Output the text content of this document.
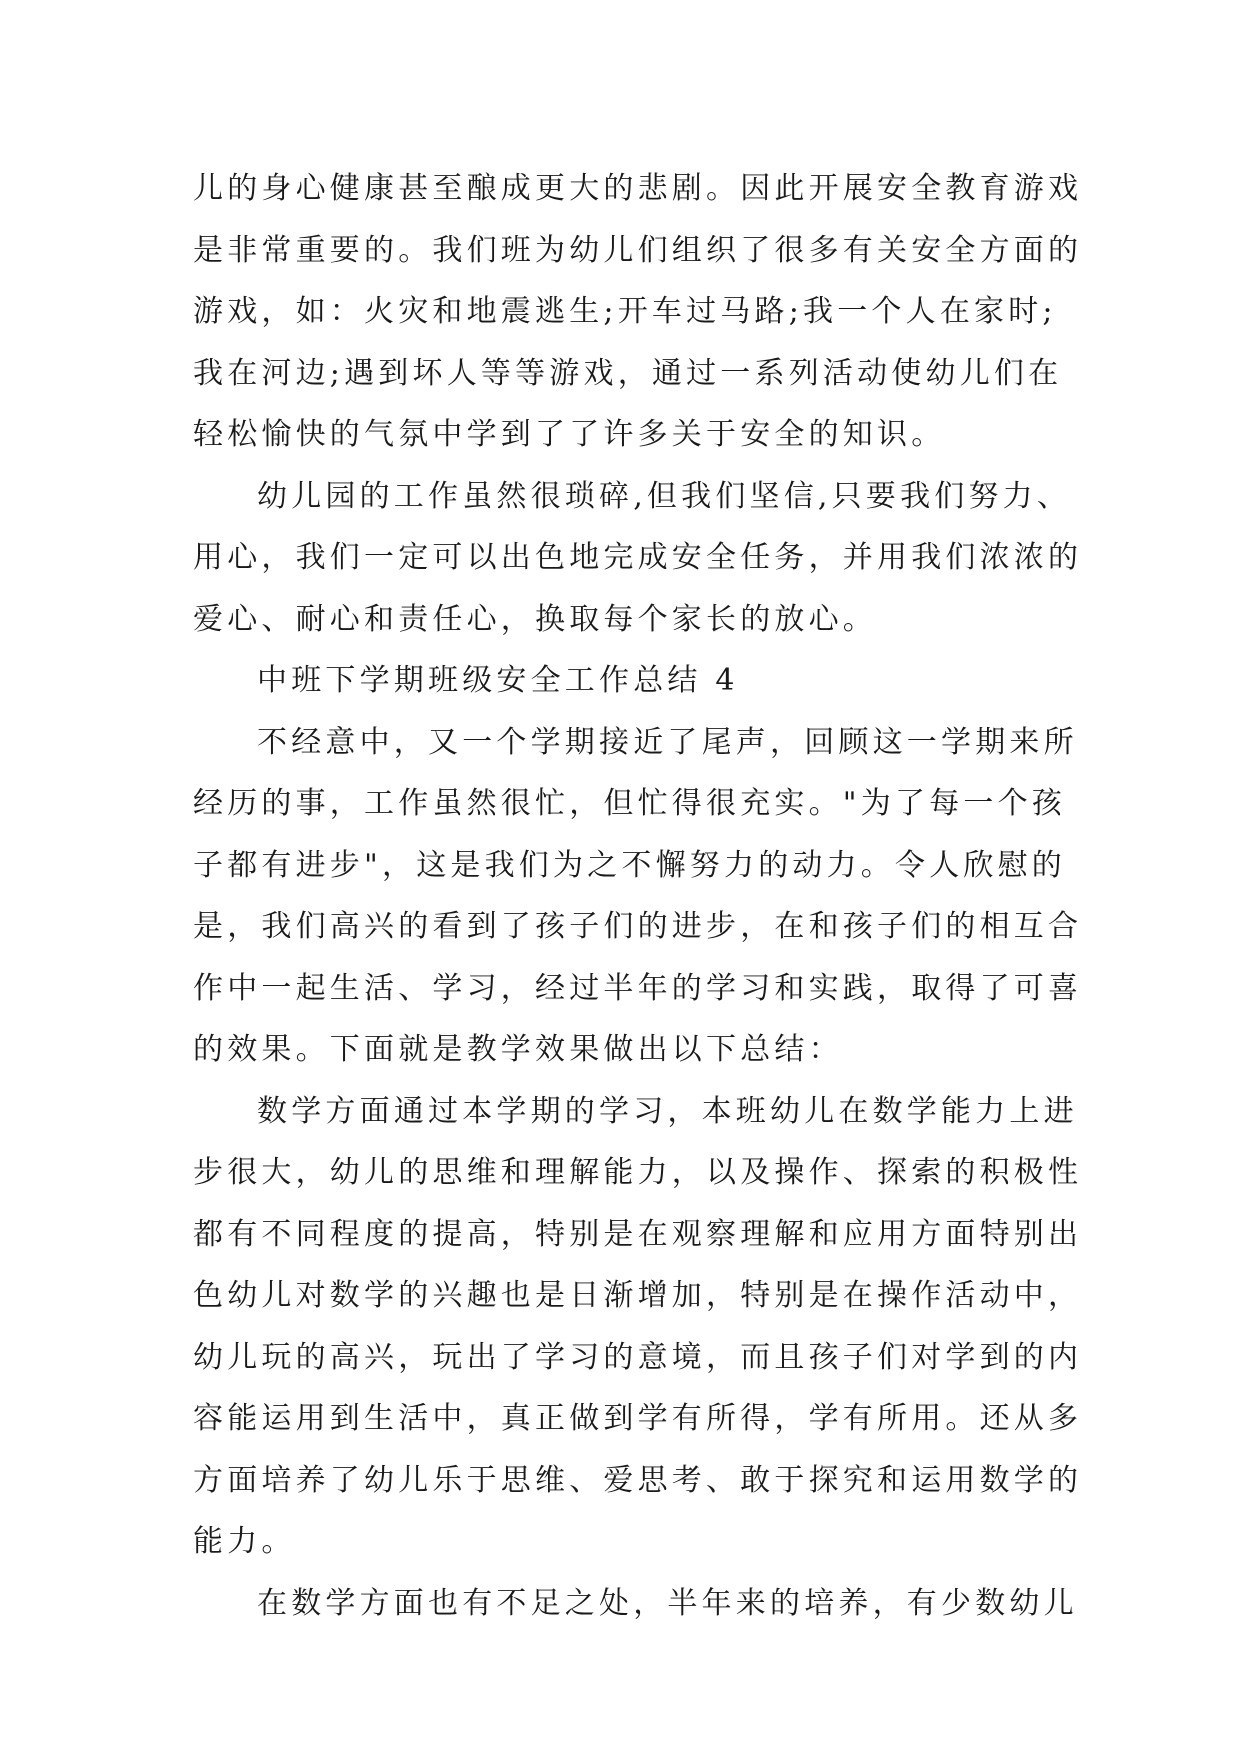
儿的身心健康甚至酿成更大的悲剧。因此开展安全教育游戏
是非常重要的。我们班为幼儿们组织了很多有关安全方面的
游戏，如：火灾和地震逃生;开车过马路;我一个人在家时;
我在河边;遇到坏人等等游戏，通过一系列活动使幼儿们在
轻松愉快的气氛中学到了了许多关于安全的知识。
幼儿园的工作虽然很琐碎,但我们坚信,只要我们努力、
用心，我们一定可以出色地完成安全任务，并用我们浓浓的
爱心、耐心和责任心，换取每个家长的放心。
中班下学期班级安全工作总结 4
不经意中，又一个学期接近了尾声，回顾这一学期来所
经历的事，工作虽然很忙，但忙得很充实。"为了每一个孩
子都有进步"，这是我们为之不懈努力的动力。令人欣慰的
是，我们高兴的看到了孩子们的进步，在和孩子们的相互合
作中一起生活、学习，经过半年的学习和实践，取得了可喜
的效果。下面就是教学效果做出以下总结：
数学方面通过本学期的学习，本班幼儿在数学能力上进
步很大，幼儿的思维和理解能力，以及操作、探索的积极性
都有不同程度的提高，特别是在观察理解和应用方面特别出
色幼儿对数学的兴趣也是日渐增加，特别是在操作活动中，
幼儿玩的高兴，玩出了学习的意境，而且孩子们对学到的内
容能运用到生活中，真正做到学有所得，学有所用。还从多
方面培养了幼儿乐于思维、爱思考、敢于探究和运用数学的
能力。
在数学方面也有不足之处，半年来的培养，有少数幼儿
